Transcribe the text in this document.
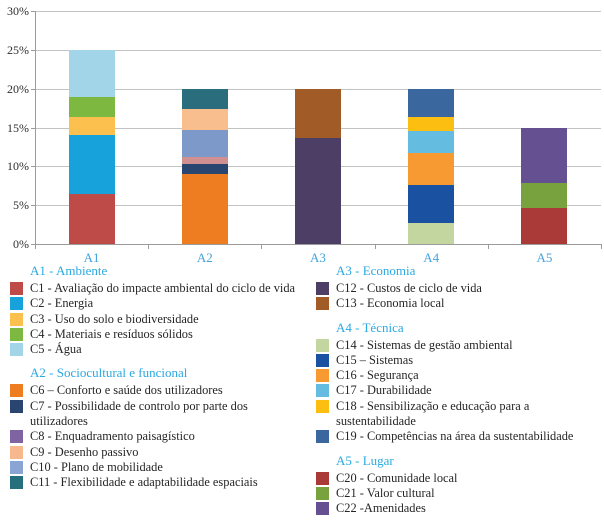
0%
5%
10%
15%
20%
25%
30%
A1	A2	A3	A4	A5
A1 - Ambiente
C1 - Avaliação do impacte ambiental do ciclo de vida
C2 - Energia
C3 - Uso do solo e biodiversidade
C4 - Materiais e resíduos sólidos
C5 - Água
A2 - Sociocultural e funcional
C6 – Conforto e saúde dos utilizadores
C7 - Possibilidade de controlo por parte dos utilizadores
C8 - Enquadramento paisagístico
C9 - Desenho passivo
C10 - Plano de mobilidade
C11 - Flexibilidade e adaptabilidade espaciais
A3 - Economia
C12 - Custos de ciclo de vida
C13 - Economia local
A4 - Técnica
C14 - Sistemas de gestão ambiental
C15 – Sistemas
C16 - Segurança
C17 - Durabilidade
C18 - Sensibilização e educação para a sustentabilidade
C19 - Competências na área da sustentabilidade
A5 - Lugar
C20 - Comunidade local
C21 - Valor cultural
C22 -Amenidades
